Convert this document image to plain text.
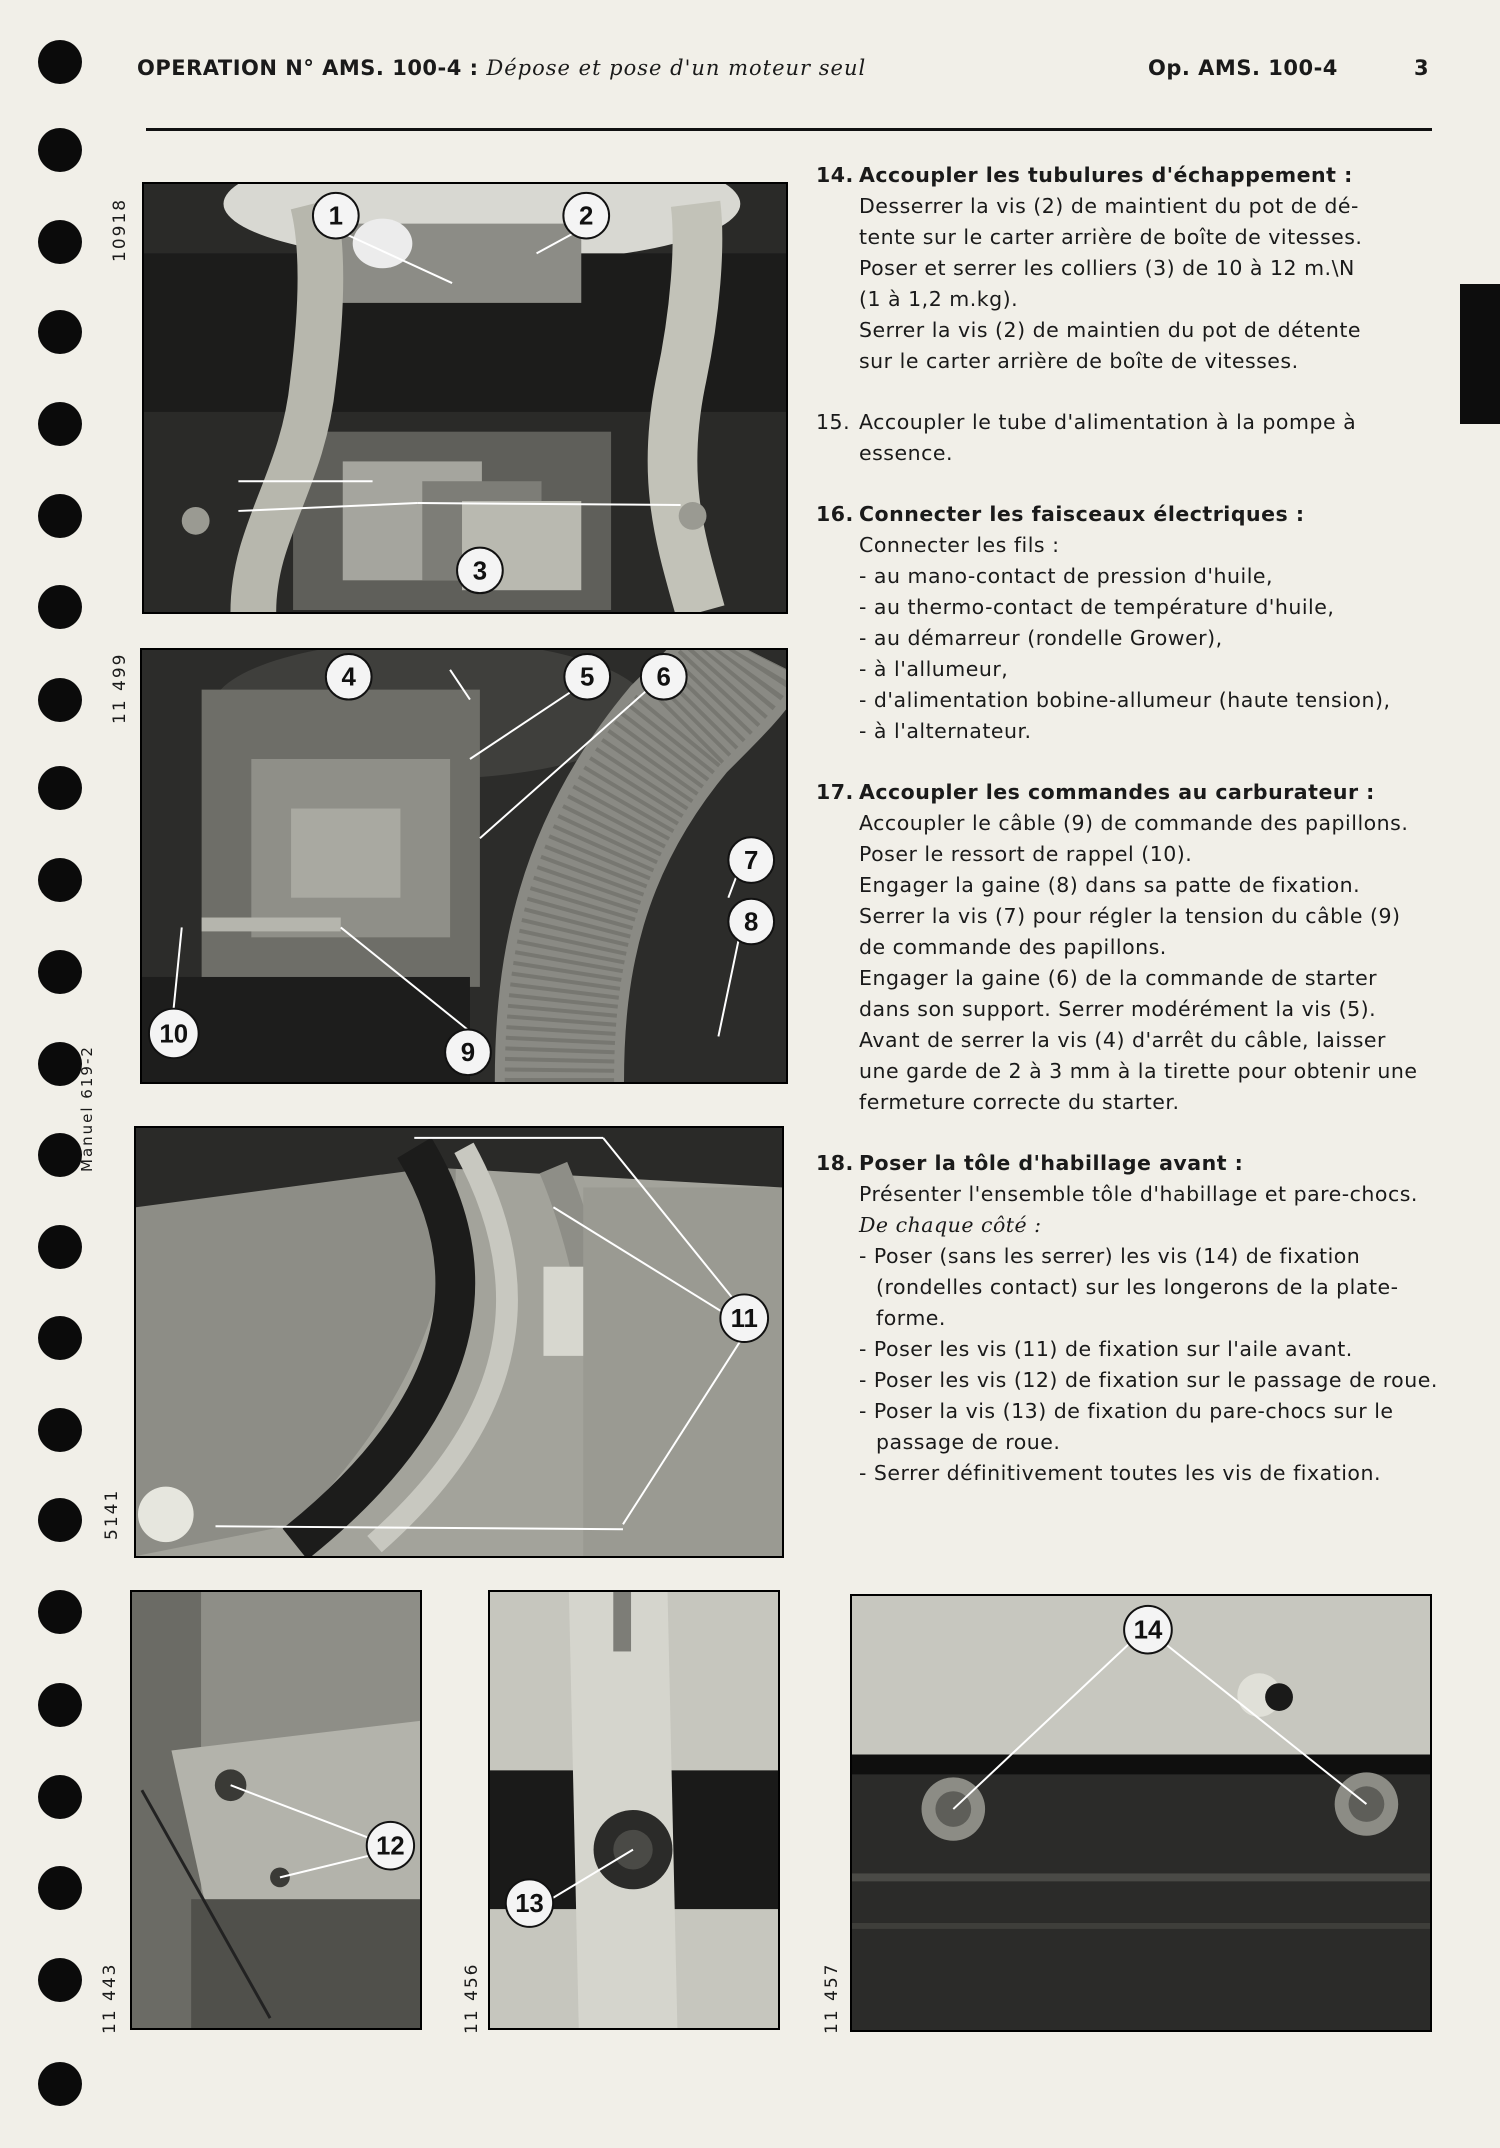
OPERATION N° AMS. 100-4 : Dépose et pose d'un moteur seul	Op. AMS. 100-4	3
10918
11 499
Manuel 619-2
5141
11 443	11 456	11 457
1	2
3
4	5 6
7
8
9
10
11
12
13
14
14. Accoupler les tubulures d'échappement :
Desserrer la vis (2) de maintient du pot de dé-
tente sur le carter arrière de boîte de vitesses.
Poser et serrer les colliers (3) de 10 à 12 m.\N
(1 à 1,2 m.kg).
Serrer la vis (2) de maintien du pot de détente
sur le carter arrière de boîte de vitesses.
15. Accoupler le tube d'alimentation à la pompe à
essence.
16. Connecter les faisceaux électriques :
Connecter les fils :
- au mano-contact de pression d'huile,
- au thermo-contact de température d'huile,
- au démarreur (rondelle Grower),
- à l'allumeur,
- d'alimentation bobine-allumeur (haute tension),
- à l'alternateur.
17. Accoupler les commandes au carburateur :
Accoupler le câble (9) de commande des papillons.
Poser le ressort de rappel (10).
Engager la gaine (8) dans sa patte de fixation.
Serrer la vis (7) pour régler la tension du câble (9)
de commande des papillons.
Engager la gaine (6) de la commande de starter
dans son support. Serrer modérément la vis (5).
Avant de serrer la vis (4) d'arrêt du câble, laisser
une garde de 2 à 3 mm à la tirette pour obtenir une
fermeture correcte du starter.
18. Poser la tôle d'habillage avant :
Présenter l'ensemble tôle d'habillage et pare-chocs.
De chaque côté :
- Poser (sans les serrer) les vis (14) de fixation (rondelles contact) sur les longerons de la plate-forme.
- Poser les vis (11) de fixation sur l'aile avant.
- Poser les vis (12) de fixation sur le passage de roue.
- Poser la vis (13) de fixation du pare-chocs sur le passage de roue.
- Serrer définitivement toutes les vis de fixation.
